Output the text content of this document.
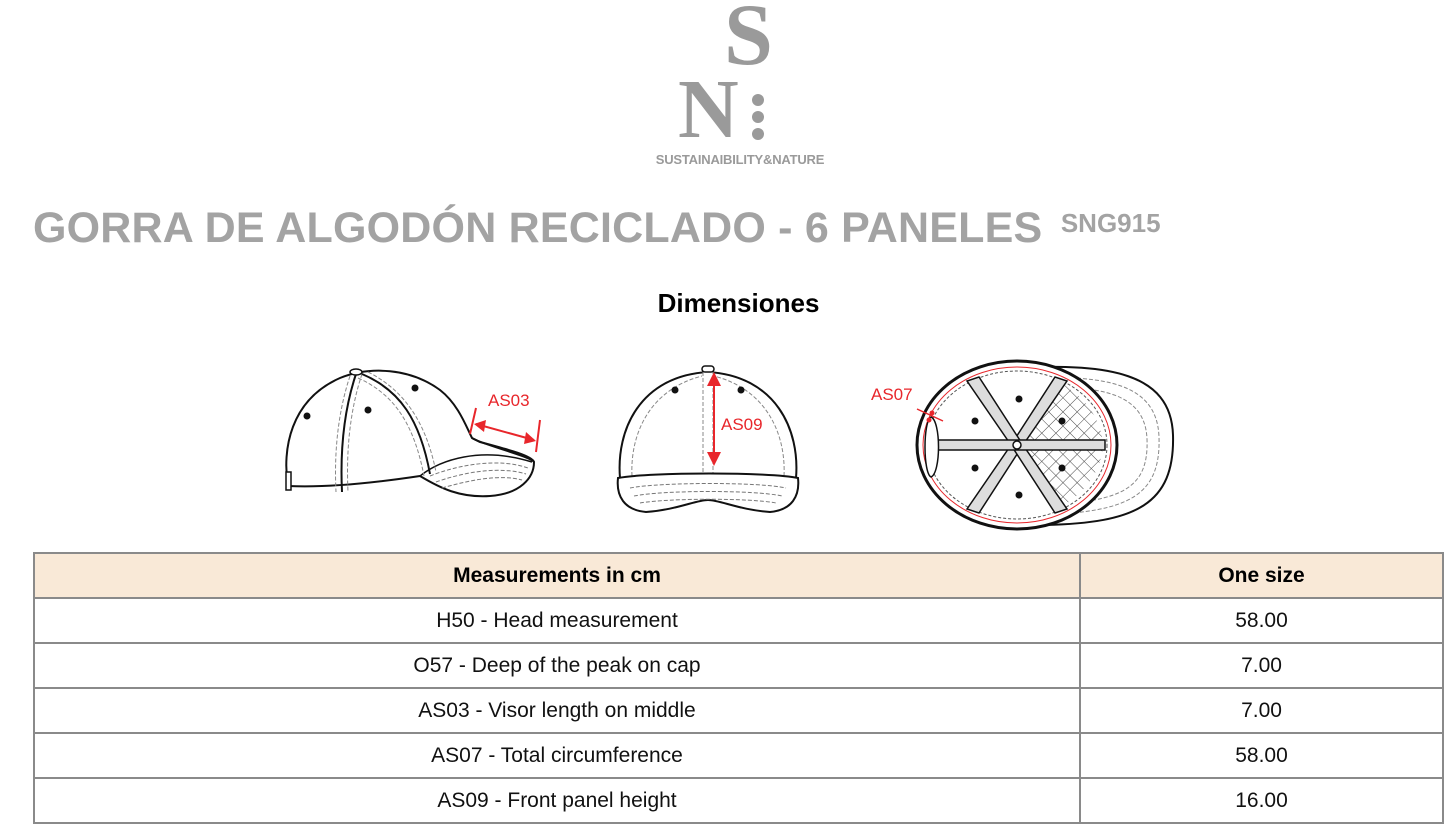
S
N
SUSTAINAIBILITY&NATURE
GORRA DE ALGODÓN RECICLADO - 6 PANELES SNG915
Dimensiones
AS03
AS09
AS07
Measurements in cm	One size
H50 - Head measurement	58.00
O57 - Deep of the peak on cap	7.00
AS03 - Visor length on middle	7.00
AS07 - Total circumference	58.00
AS09 - Front panel height	16.00
